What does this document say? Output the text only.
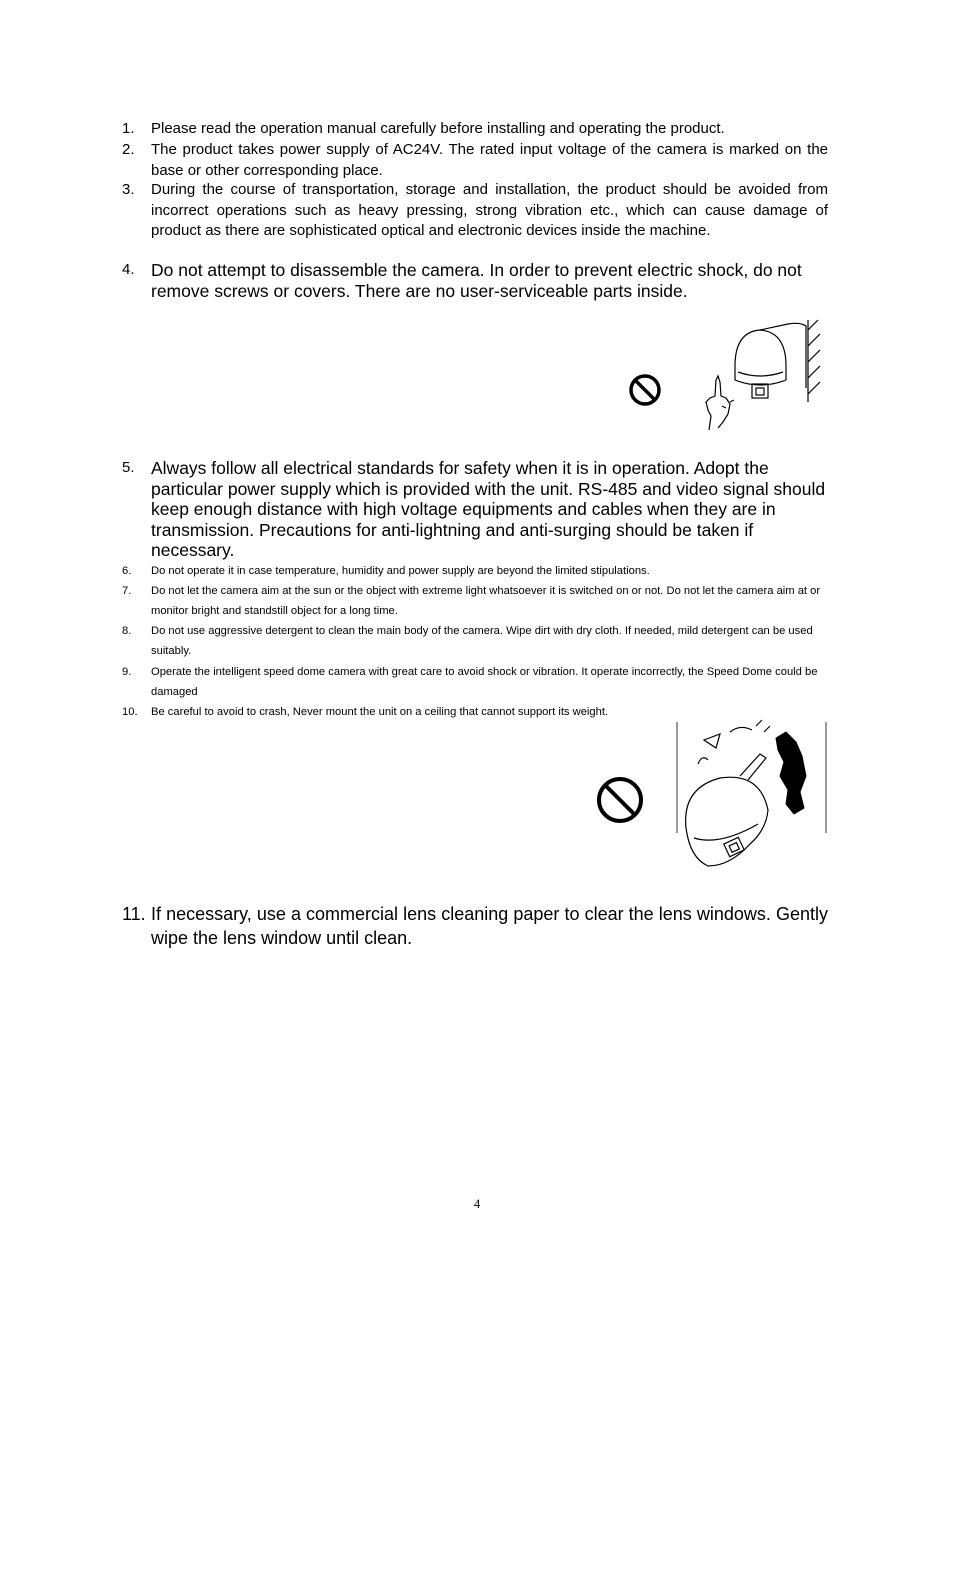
1.	Please read the operation manual carefully before installing and operating the product.
2.	The product takes power supply of AC24V. The rated input voltage of the camera is marked on the base or other corresponding place.
3.	During the course of transportation, storage and installation, the product should be avoided from incorrect operations such as heavy pressing, strong vibration etc., which can cause damage of product as there are sophisticated optical and electronic devices inside the machine.
4. Do not attempt to disassemble the camera. In order to prevent electric shock, do not remove screws or covers. There are no user-serviceable parts inside.
5. Always follow all electrical standards for safety when it is in operation. Adopt the particular power supply which is provided with the unit. RS-485 and video signal should keep enough distance with high voltage equipments and cables when they are in transmission. Precautions for anti-lightning and anti-surging should be taken if necessary.
6.	Do not operate it in case temperature, humidity and power supply are beyond the limited stipulations.
7.	Do not let the camera aim at the sun or the object with extreme light whatsoever it is switched on or not. Do not let the camera aim at or monitor bright and standstill object for a long time.
8.	Do not use aggressive detergent to clean the main body of the camera. Wipe dirt with dry cloth. If needed, mild detergent can be used suitably.
9.	Operate the intelligent speed dome camera with great care to avoid shock or vibration. It operate incorrectly, the Speed Dome could be damaged
10.	Be careful to avoid to crash, Never mount the unit on a ceiling that cannot support its weight.
11. If necessary, use a commercial lens cleaning paper to clear the lens windows. Gently wipe the lens window until clean.
4
